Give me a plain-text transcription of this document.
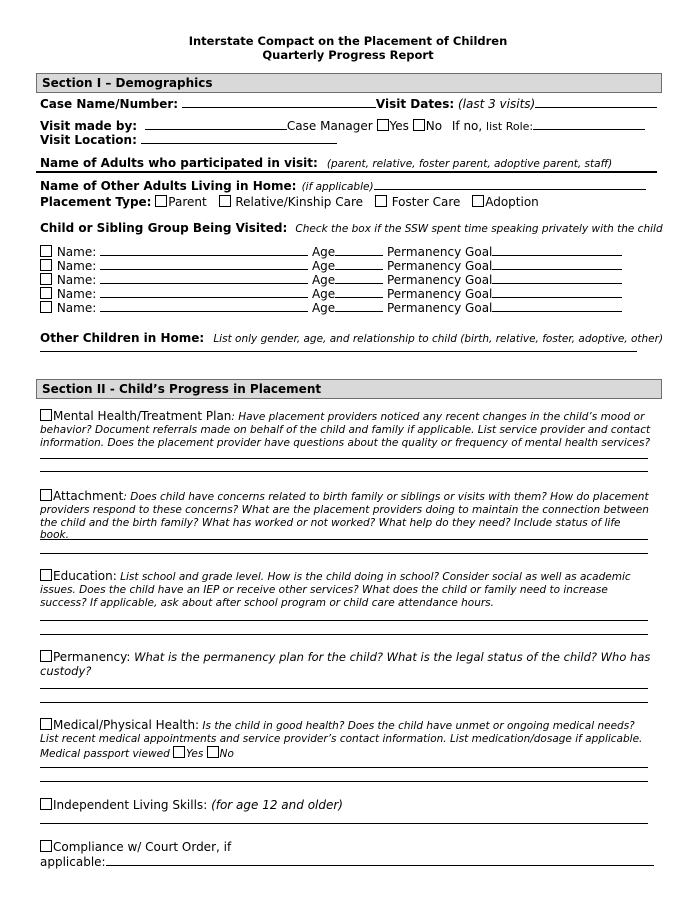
Interstate Compact on the Placement of Children
Quarterly Progress Report
Section I – Demographics
Case Name/Number:	Visit Dates: (last 3 visits)
Visit made by:	Case Manager Yes No If no, list Role:
Visit Location:
Name of Adults who participated in visit: (parent, relative, foster parent, adoptive parent, staff)
Name of Other Adults Living in Home: (if applicable)
Placement Type: Parent Relative/Kinship Care Foster Care Adoption
Child or Sibling Group Being Visited: Check the box if the SSW spent time speaking privately with the child
Name:	Age	Permanency Goal
Name:	Age	Permanency Goal
Name:	Age	Permanency Goal
Name:	Age	Permanency Goal
Name:	Age	Permanency Goal
Other Children in Home: List only gender, age, and relationship to child (birth, relative, foster, adoptive, other)
Section II - Child’s Progress in Placement
Mental Health/Treatment Plan: Have placement providers noticed any recent changes in the child’s mood or behavior? Document referrals made on behalf of the child and family if applicable. List service provider and contact information. Does the placement provider have questions about the quality or frequency of mental health services?
Attachment: Does child have concerns related to birth family or siblings or visits with them? How do placement providers respond to these concerns? What are the placement providers doing to maintain the connection between the child and the birth family? What has worked or not worked? What help do they need? Include status of life book.
Education: List school and grade level. How is the child doing in school? Consider social as well as academic issues. Does the child have an IEP or receive other services? What does the child or family need to increase success? If applicable, ask about after school program or child care attendance hours.
Permanency: What is the permanency plan for the child? What is the legal status of the child? Who has custody?
Medical/Physical Health: Is the child in good health? Does the child have unmet or ongoing medical needs? List recent medical appointments and service provider’s contact information. List medication/dosage if applicable. Medical passport viewed Yes No
Independent Living Skills: (for age 12 and older)
Compliance w/ Court Order, if
applicable:
